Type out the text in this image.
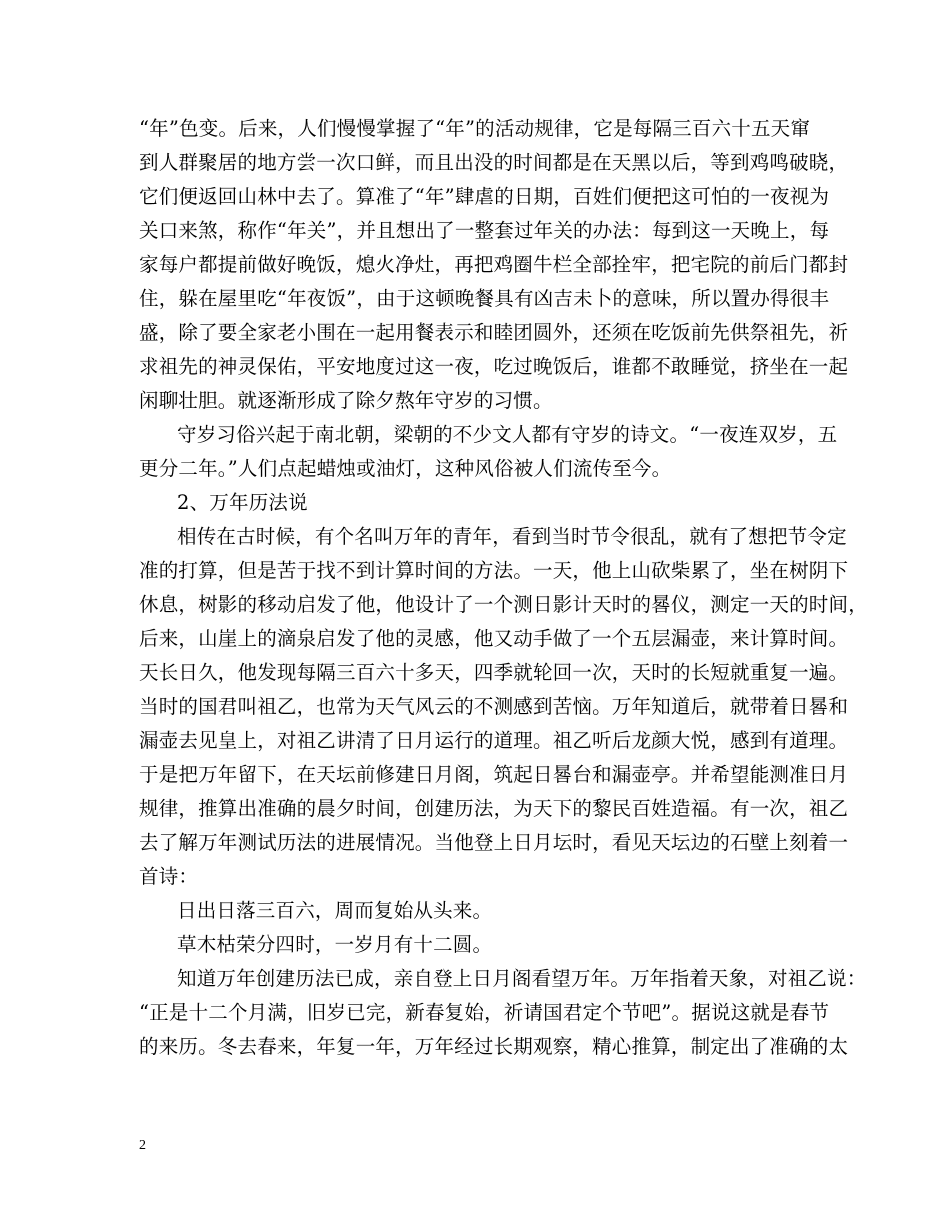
“年”色变。后来，人们慢慢掌握了“年”的活动规律，它是每隔三百六十五天窜
到人群聚居的地方尝一次口鲜，而且出没的时间都是在天黑以后，等到鸡鸣破晓，
它们便返回山林中去了。算准了“年”肆虐的日期，百姓们便把这可怕的一夜视为
关口来煞，称作“年关”，并且想出了一整套过年关的办法：每到这一天晚上，每
家每户都提前做好晚饭，熄火净灶，再把鸡圈牛栏全部拴牢，把宅院的前后门都封
住，躲在屋里吃“年夜饭”，由于这顿晚餐具有凶吉未卜的意味，所以置办得很丰
盛，除了要全家老小围在一起用餐表示和睦团圆外，还须在吃饭前先供祭祖先，祈
求祖先的神灵保佑，平安地度过这一夜，吃过晚饭后，谁都不敢睡觉，挤坐在一起
闲聊壮胆。就逐渐形成了除夕熬年守岁的习惯。
守岁习俗兴起于南北朝，梁朝的不少文人都有守岁的诗文。“一夜连双岁，五
更分二年。”人们点起蜡烛或油灯，这种风俗被人们流传至今。
2、万年历法说
相传在古时候，有个名叫万年的青年，看到当时节令很乱，就有了想把节令定
准的打算，但是苦于找不到计算时间的方法。一天，他上山砍柴累了，坐在树阴下
休息，树影的移动启发了他，他设计了一个测日影计天时的晷仪，测定一天的时间，
后来，山崖上的滴泉启发了他的灵感，他又动手做了一个五层漏壶，来计算时间。
天长日久，他发现每隔三百六十多天，四季就轮回一次，天时的长短就重复一遍。
当时的国君叫祖乙，也常为天气风云的不测感到苦恼。万年知道后，就带着日晷和
漏壶去见皇上，对祖乙讲清了日月运行的道理。祖乙听后龙颜大悦，感到有道理。
于是把万年留下，在天坛前修建日月阁，筑起日晷台和漏壶亭。并希望能测准日月
规律，推算出准确的晨夕时间，创建历法，为天下的黎民百姓造福。有一次，祖乙
去了解万年测试历法的进展情况。当他登上日月坛时，看见天坛边的石壁上刻着一
首诗：
日出日落三百六，周而复始从头来。
草木枯荣分四时，一岁月有十二圆。
知道万年创建历法已成，亲自登上日月阁看望万年。万年指着天象，对祖乙说：
“正是十二个月满，旧岁已完，新春复始，祈请国君定个节吧”。据说这就是春节
的来历。冬去春来，年复一年，万年经过长期观察，精心推算，制定出了准确的太
2
